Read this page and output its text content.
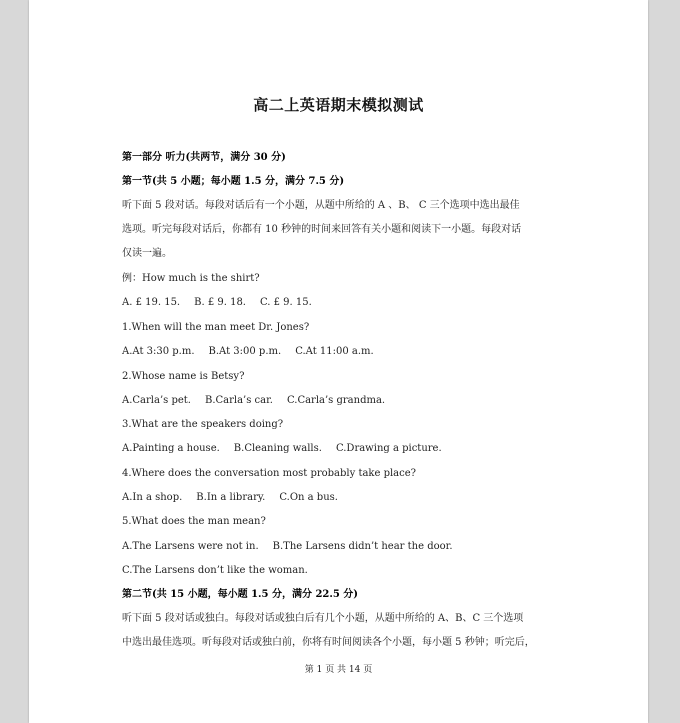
高二上英语期末模拟测试
第一部分 听力(共两节，满分 30 分)
第一节(共 5 小题；每小题 1.5 分，满分 7.5 分)
听下面 5 段对话。每段对话后有一个小题，从题中所给的 A 、B、 C 三个选项中选出最佳
选项。听完每段对话后，你都有 10 秒钟的时间来回答有关小题和阅读下一小题。每段对话
仅读一遍。
例：How much is the shirt?
A. £ 19. 15. B. £ 9. 18. C. £ 9. 15.
1.When will the man meet Dr. Jones?
A.At 3:30 p.m. B.At 3:00 p.m. C.At 11:00 a.m.
2.Whose name is Betsy?
A.Carla’s pet. B.Carla’s car. C.Carla’s grandma.
3.What are the speakers doing?
A.Painting a house. B.Cleaning walls. C.Drawing a picture.
4.Where does the conversation most probably take place?
A.In a shop. B.In a library. C.On a bus.
5.What does the man mean?
A.The Larsens were not in. B.The Larsens didn’t hear the door.
C.The Larsens don’t like the woman.
第二节(共 15 小题，每小题 1.5 分，满分 22.5 分)
听下面 5 段对话或独白。每段对话或独白后有几个小题，从题中所给的 A、B、C 三个选项
中选出最佳选项。听每段对话或独白前，你将有时间阅读各个小题，每小题 5 秒钟；听完后，
第 1 页 共 14 页
